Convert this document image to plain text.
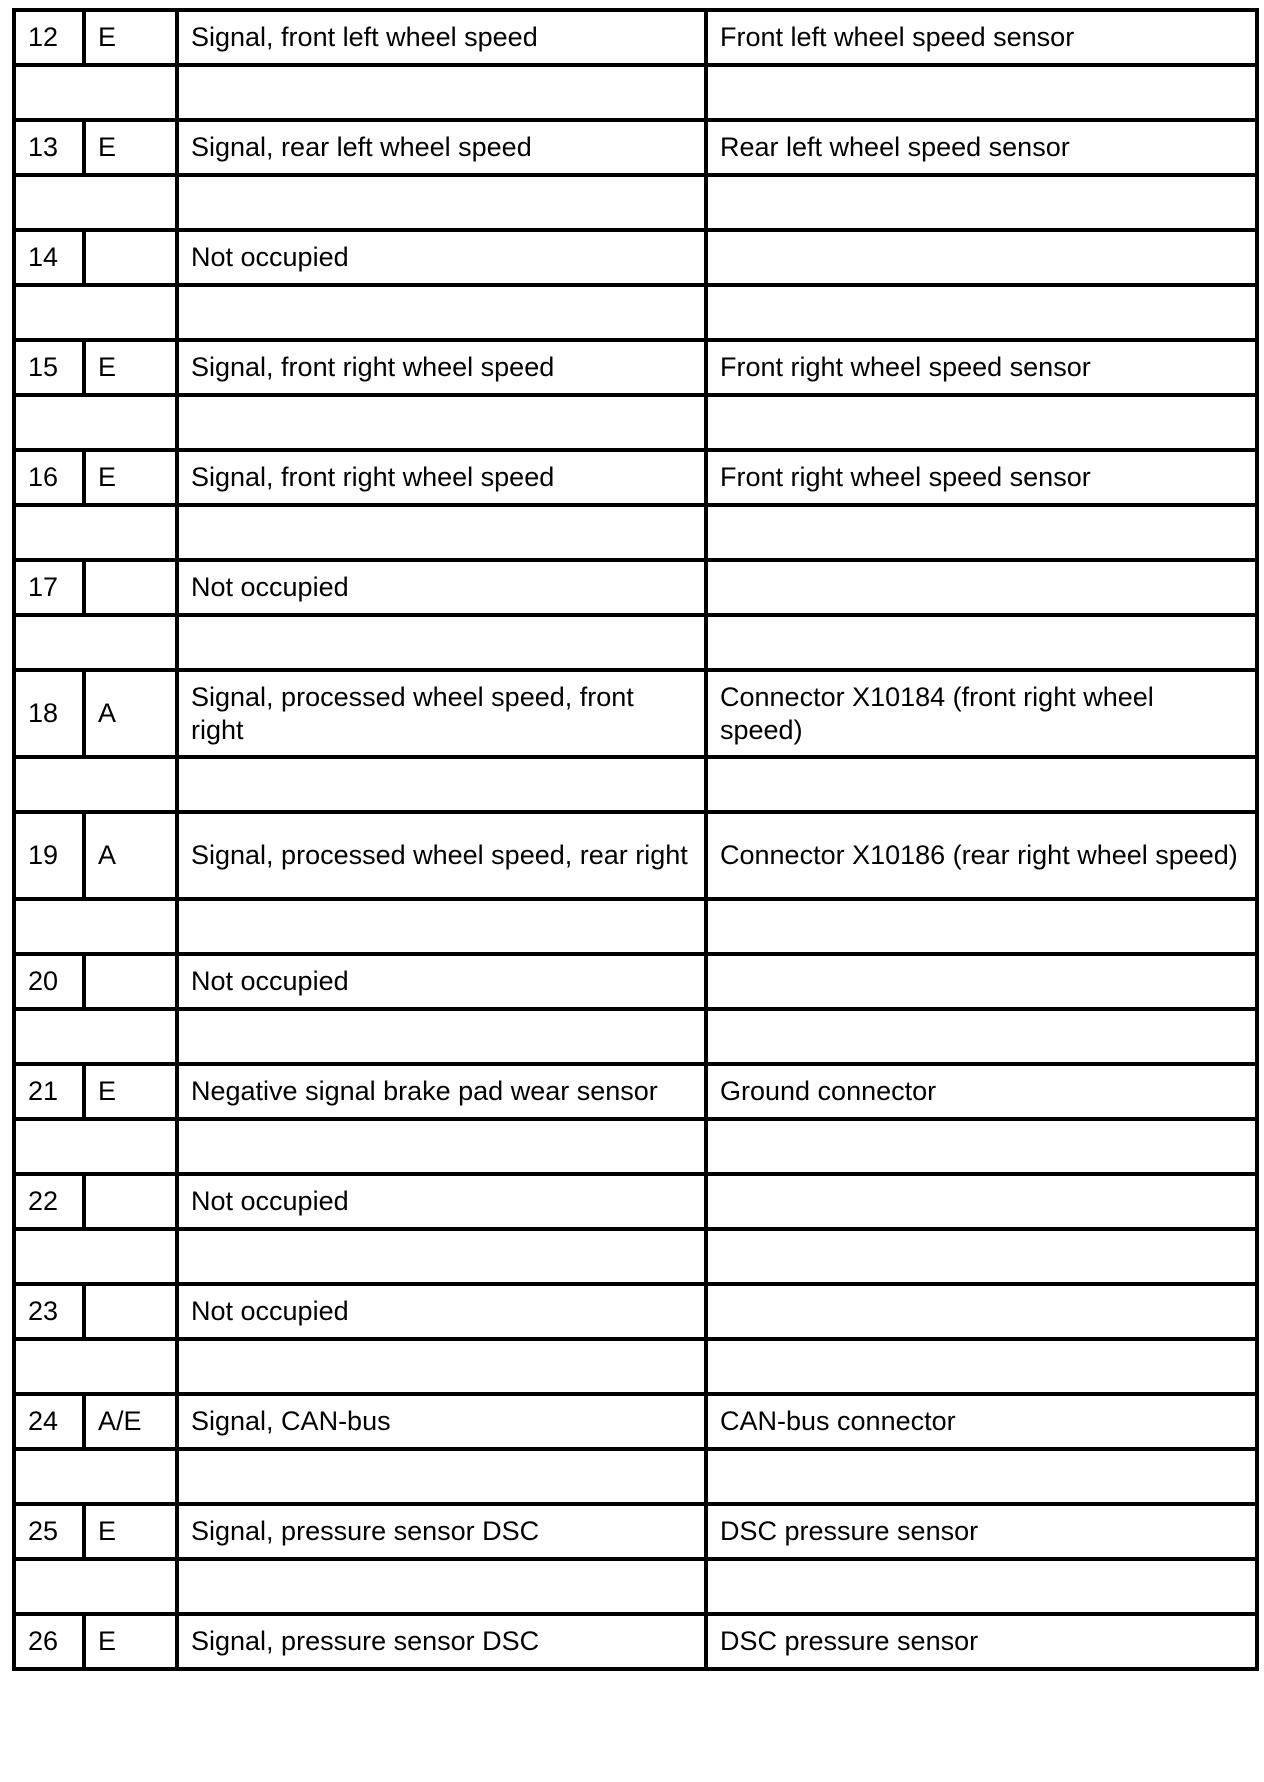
12	E	Signal, front left wheel speed	Front left wheel speed sensor

13	E	Signal, rear left wheel speed	Rear left wheel speed sensor

14		Not occupied	

15	E	Signal, front right wheel speed	Front right wheel speed sensor

16	E	Signal, front right wheel speed	Front right wheel speed sensor

17		Not occupied	

18	A	Signal, processed wheel speed, front right	Connector X10184 (front right wheel speed)

19	A	Signal, processed wheel speed, rear right	Connector X10186 (rear right wheel speed)

20		Not occupied	

21	E	Negative signal brake pad wear sensor	Ground connector

22		Not occupied	

23		Not occupied	

24	A/E	Signal, CAN-bus	CAN-bus connector

25	E	Signal, pressure sensor DSC	DSC pressure sensor

26	E	Signal, pressure sensor DSC	DSC pressure sensor
